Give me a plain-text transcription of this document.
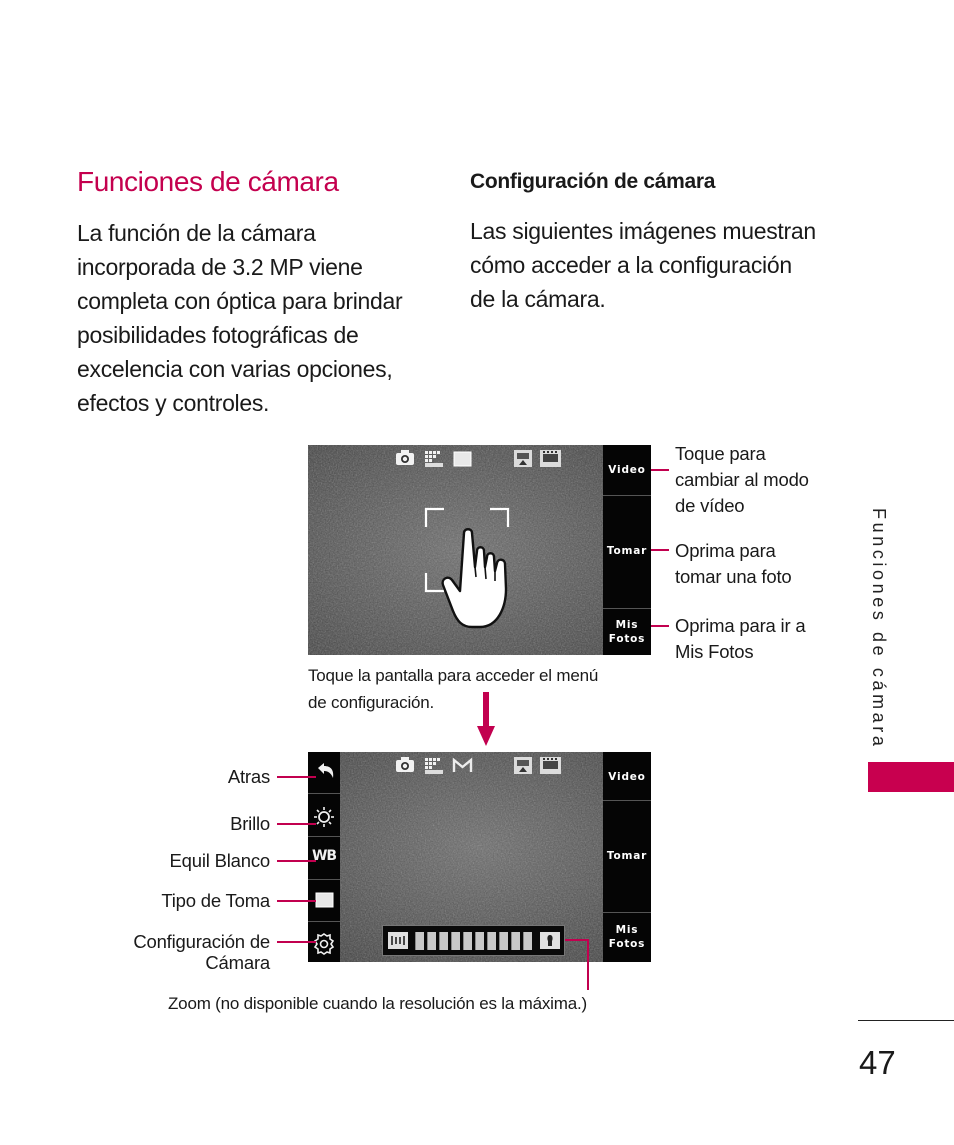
Funciones de cámara
La función de la cámara
incorporada de 3.2 MP viene
completa con óptica para brindar
posibilidades fotográficas de
excelencia con varias opciones,
efectos y controles.
Configuración de cámara
Las siguientes imágenes muestran
cómo acceder a la configuración
de la cámara.
Funciones de cámara
Video
Tomar
Mis
Fotos
Toque para
cambiar al modo
de vídeo
Oprima para
tomar una foto
Oprima para ir a
Mis Fotos
Toque la pantalla para acceder el menú
de configuración.
WB
Video
Tomar
Mis
Fotos
Atras
Brillo
Equil Blanco
Tipo de Toma
Configuración de
Cámara
Zoom (no disponible cuando la resolución es la máxima.)
47
